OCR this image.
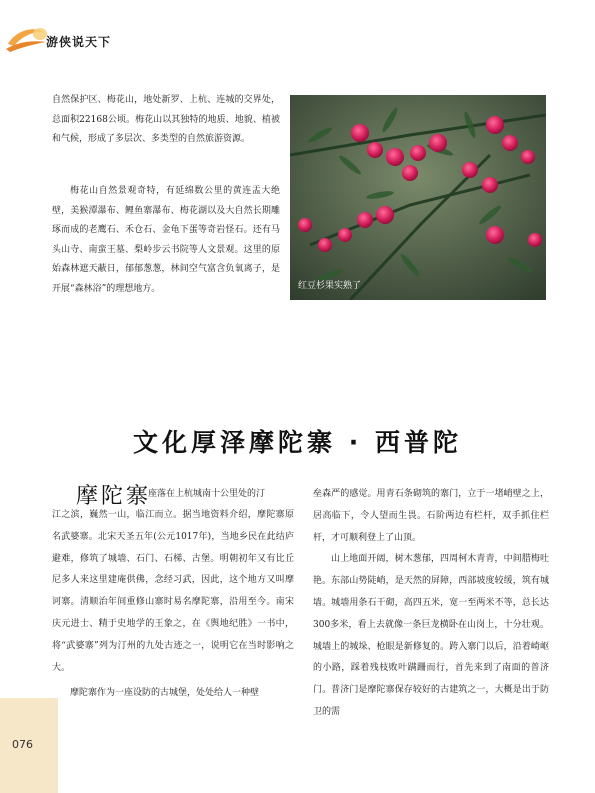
游侠说天下

自然保护区、梅花山，地处新罗、上杭、连城的交界处，总面积22168公顷。梅花山以其独特的地质、地貌、植被和气候，形成了多层次、多类型的自然旅游资源。

梅花山自然景观奇特，有延绵数公里的黄连盂大绝壁，美猴潭瀑布、鲤鱼寨瀑布、梅花湖以及大自然长期雕琢而成的老鹰石、禾仓石、金龟下蛋等奇岩怪石。还有马头山寺、南蛮王墓、梨岭步云书院等人文景观。这里的原始森林遮天蔽日，郁郁葱葱，林间空气富含负氧离子，是开展“森林浴”的理想地方。	红豆杉果实熟了
文化厚泽摩陀寨 · 西普陀
摩陀寨
座落在上杭城南十公里处的汀

江之滨，巍然一山，临江而立。据当地资料介绍，摩陀寨原名武婆寨。北宋天圣五年(公元1017年)，当地乡民在此结庐避难，修筑了城墙、石门、石梯、古堡。明朝初年又有比丘尼多人来这里建庵供佛，念经习武，因此，这个地方又叫摩诃寨。清顺治年间重修山寨时易名摩陀寨，沿用至今。南宋庆元进士、精于史地学的王象之，在《舆地纪胜》一书中，将“武婆寨”列为汀州的九处古迹之一，说明它在当时影响之大。

摩陀寨作为一座设防的古城堡，处处给人一种壁

垒森严的感觉。用青石条砌筑的寨门，立于一堵峭壁之上，居高临下，令人望而生畏。石阶两边有栏杆，双手抓住栏杆，才可顺利登上了山顶。

山上地面开阔，树木葱郁，四周柯木青青，中间腊梅吐艳。东部山势陡峭，是天然的屏障，西部坡度较缓，筑有城墙。城墙用条石干砌，高四五米，宽一至两米不等，总长达300多米，看上去就像一条巨龙横卧在山岗上，十分壮观。城墙上的城垛、枪眼是新修复的。跨入寨门以后，沿着崎岖的小路，踩着残枝败叶蹒跚而行，首先来到了南面的普济门。普济门是摩陀寨保存较好的古建筑之一，大概是出于防卫的需

076
